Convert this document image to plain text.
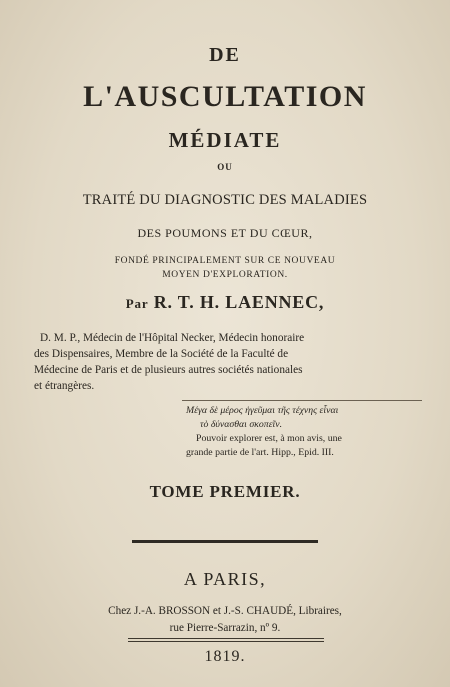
DE
L'AUSCULTATION
MÉDIATE
OU
TRAITÉ DU DIAGNOSTIC DES MALADIES
DES POUMONS ET DU CŒUR,
FONDÉ PRINCIPALEMENT SUR CE NOUVEAU
MOYEN D'EXPLORATION.
Par R. T. H. LAENNEC,
D. M. P., Médecin de l'Hôpital Necker, Médecin honoraire
des Dispensaires, Membre de la Société de la Faculté de
Médecine de Paris et de plusieurs autres sociétés nationales
et étrangères.
Μέγα δὲ μέρος ἡγεῦμαι τῆς τέχνης εἶναι
τὸ δύνασθαι σκοπεῖν.
Pouvoir explorer est, à mon avis, une
grande partie de l'art. Hipp., Epid. III.
TOME PREMIER.
A PARIS,
Chez J.-A. BROSSON et J.-S. CHAUDÉ, Libraires,
rue Pierre-Sarrazin, nº 9.
1819.
